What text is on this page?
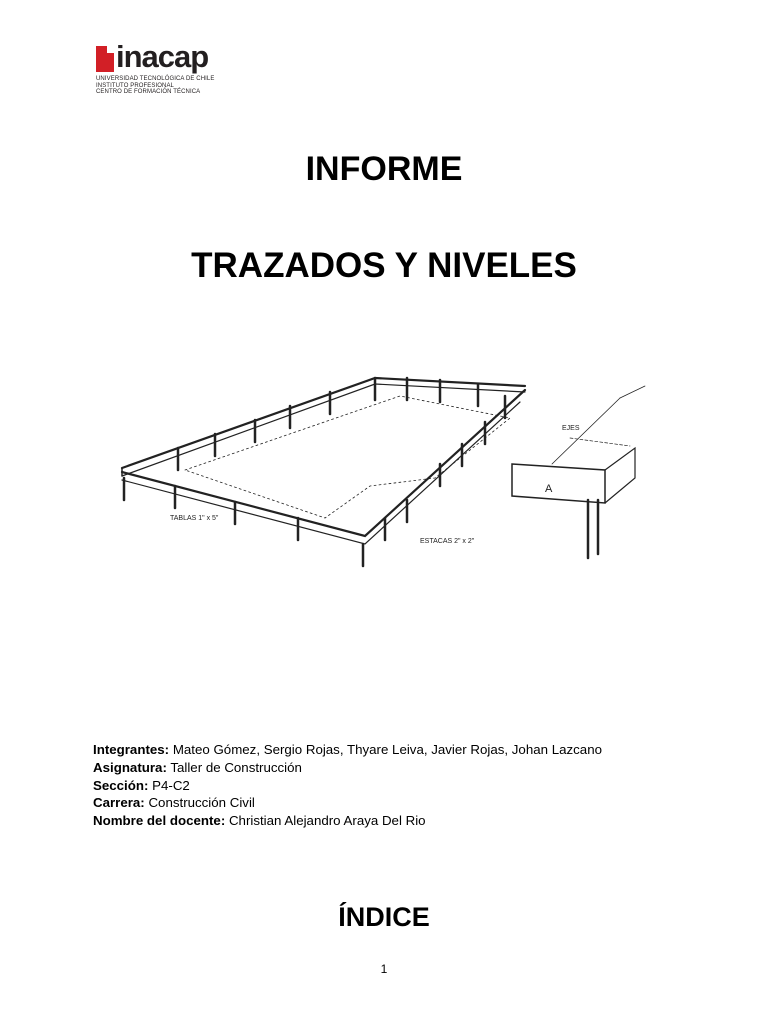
inacap
UNIVERSIDAD TECNOLÓGICA DE CHILE
INSTITUTO PROFESIONAL
CENTRO DE FORMACIÓN TÉCNICA
INFORME
TRAZADOS Y NIVELES
TABLAS 1" x 5"
ESTACAS 2" x 2"
EJES
A
Integrantes: Mateo Gómez, Sergio Rojas, Thyare Leiva, Javier Rojas, Johan Lazcano
Asignatura: Taller de Construcción
Sección: P4-C2
Carrera: Construcción Civil
Nombre del docente: Christian Alejandro Araya Del Rio
ÍNDICE
1
